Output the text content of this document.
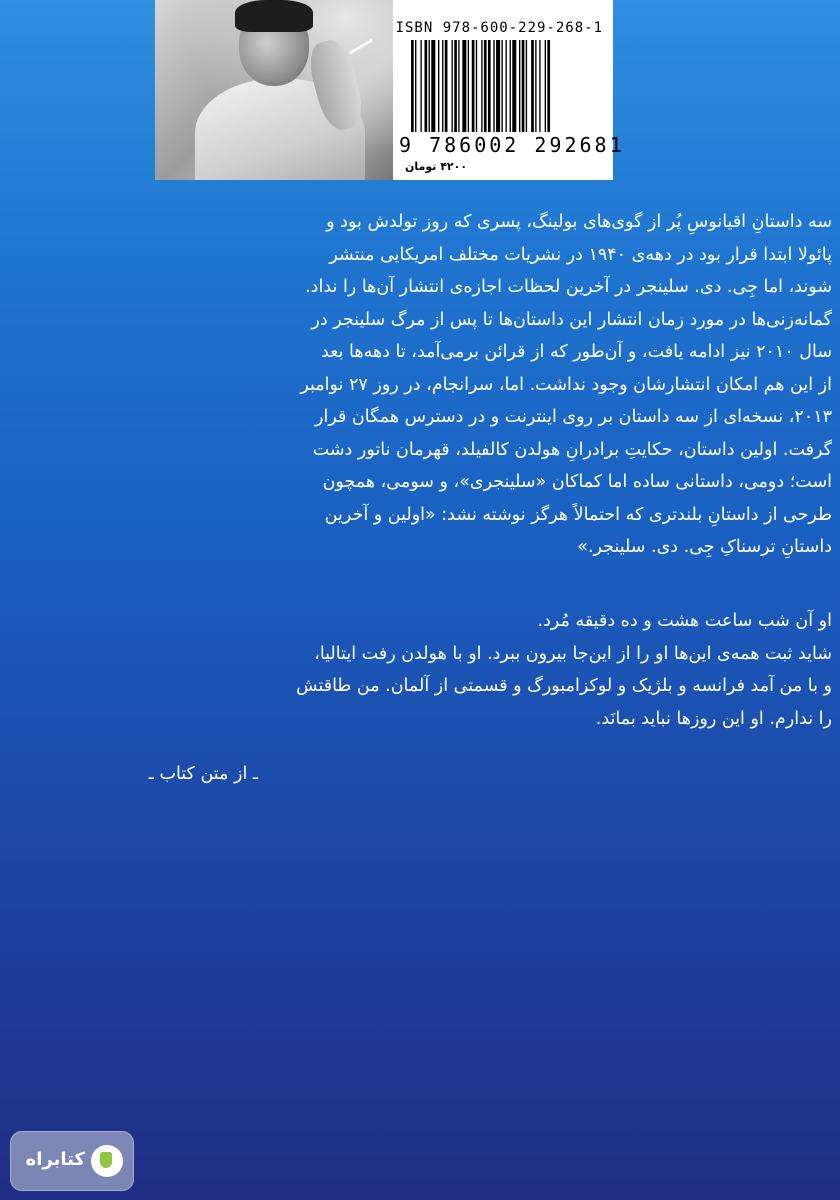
ISBN 978-600-229-268-1
9 786002 292681
۴۲۰۰ تومان

سه داستانِ اقیانوسِ پُر از گوی‌های بولینگ، پسری که روز تولدش بود و

پائولا ابتدا قرار بود در دهه‌ی ۱۹۴۰ در نشریات مختلف امریکایی منتشر

شوند، اما جِی. دی. سلینجر در آخرین لحظات اجازه‌ی انتشار آن‌ها را نداد.

گمانه‌زنی‌ها در مورد زمان انتشار این داستان‌ها تا پس از مرگ سلینجر در

سال ۲۰۱۰ نیز ادامه یافت، و آن‌طور که از قرائن برمی‌آمد، تا دهه‌ها بعد

از این هم امکان انتشارشان وجود نداشت. اما، سرانجام، در روز ۲۷ نوامبر

۲۰۱۳، نسخه‌ای از سه داستان بر روی اینترنت و در دسترس همگان قرار

گرفت. اولین داستان، حکایتِ برادرانِ هولدن کالفیلد، قهرمان ناتور دشت

است؛ دومی، داستانی ساده اما کماکان «سلینجری»، و سومی، همچون

طرحی از داستانِ بلندتری که احتمالاً هرگز نوشته نشد: «اولین و آخرین

داستانِ ترسناکِ جِی. دی. سلینجر.»

او آن شب ساعت هشت و ده دقیقه مُرد.

شاید ثبت همه‌ی این‌ها او را از این‌جا بیرون ببرد. او با هولدن رفت ایتالیا،

و با من آمد فرانسه و بلژیک و لوکزامبورگ و قسمتی از آلمان. من طاقتش

را ندارم. او این روزها نباید بمانَد.

ـ از متن کتاب ـ
کتابراه
